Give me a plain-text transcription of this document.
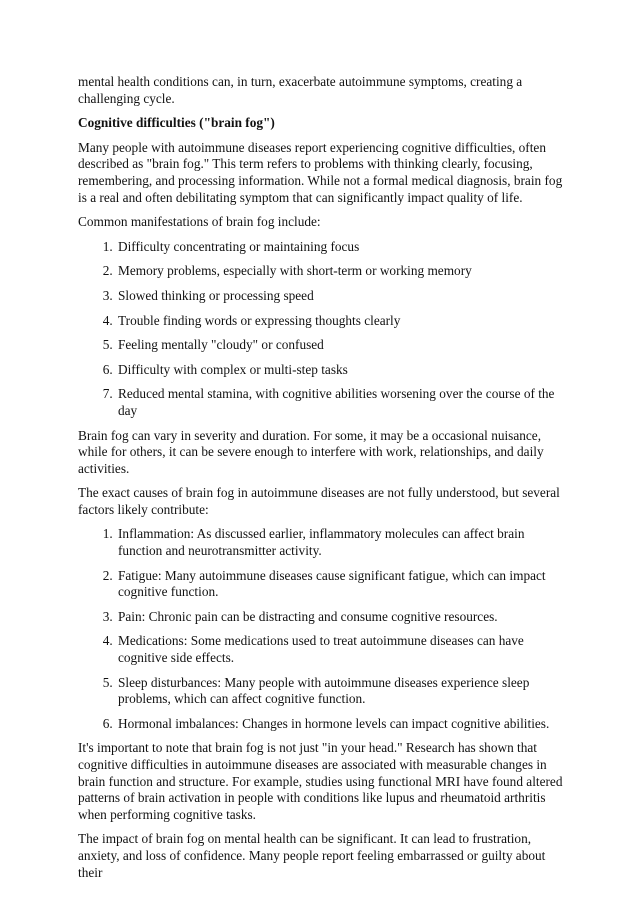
mental health conditions can, in turn, exacerbate autoimmune symptoms, creating a challenging cycle.

Cognitive difficulties ("brain fog")

Many people with autoimmune diseases report experiencing cognitive difficulties, often described as "brain fog." This term refers to problems with thinking clearly, focusing, remembering, and processing information. While not a formal medical diagnosis, brain fog is a real and often debilitating symptom that can significantly impact quality of life.

Common manifestations of brain fog include:

1. Difficulty concentrating or maintaining focus
2. Memory problems, especially with short-term or working memory
3. Slowed thinking or processing speed
4. Trouble finding words or expressing thoughts clearly
5. Feeling mentally "cloudy" or confused
6. Difficulty with complex or multi-step tasks
7. Reduced mental stamina, with cognitive abilities worsening over the course of the day

Brain fog can vary in severity and duration. For some, it may be a occasional nuisance, while for others, it can be severe enough to interfere with work, relationships, and daily activities.

The exact causes of brain fog in autoimmune diseases are not fully understood, but several factors likely contribute:

1. Inflammation: As discussed earlier, inflammatory molecules can affect brain function and neurotransmitter activity.
2. Fatigue: Many autoimmune diseases cause significant fatigue, which can impact cognitive function.
3. Pain: Chronic pain can be distracting and consume cognitive resources.
4. Medications: Some medications used to treat autoimmune diseases can have cognitive side effects.
5. Sleep disturbances: Many people with autoimmune diseases experience sleep problems, which can affect cognitive function.
6. Hormonal imbalances: Changes in hormone levels can impact cognitive abilities.

It's important to note that brain fog is not just "in your head." Research has shown that cognitive difficulties in autoimmune diseases are associated with measurable changes in brain function and structure. For example, studies using functional MRI have found altered patterns of brain activation in people with conditions like lupus and rheumatoid arthritis when performing cognitive tasks.

The impact of brain fog on mental health can be significant. It can lead to frustration, anxiety, and loss of confidence. Many people report feeling embarrassed or guilty about their
